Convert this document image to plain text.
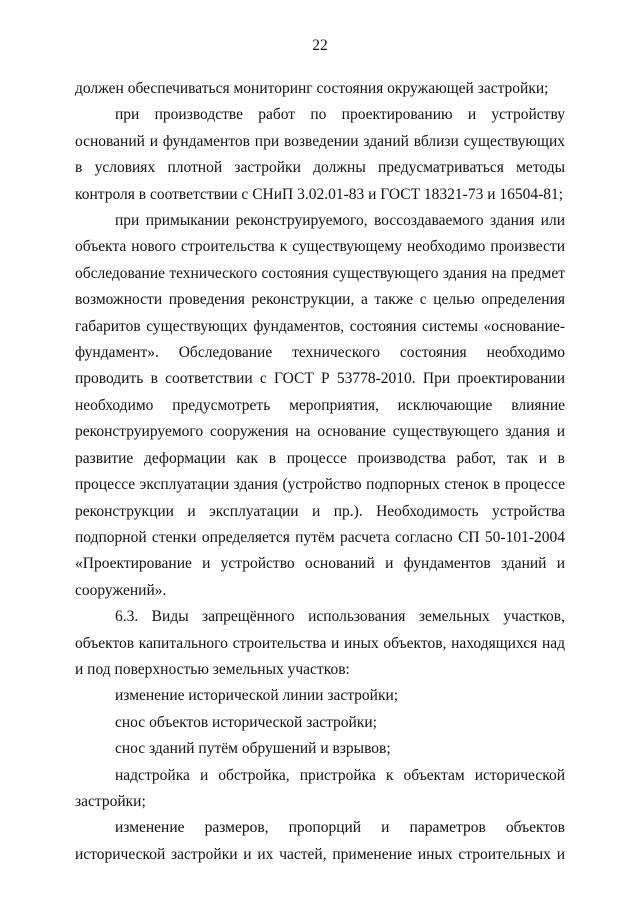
22

должен обеспечиваться мониторинг состояния окружающей застройки;

при производстве работ по проектированию и устройству оснований и фундаментов при возведении зданий вблизи существующих в условиях плотной застройки должны предусматриваться методы контроля в соответствии с СНиП 3.02.01-83 и ГОСТ 18321-73 и 16504-81;

при примыкании реконструируемого, воссоздаваемого здания или объекта нового строительства к существующему необходимо произвести обследование технического состояния существующего здания на предмет возможности проведения реконструкции, а также с целью определения габаритов существующих фундаментов, состояния системы «основание-фундамент». Обследование технического состояния необходимо проводить в соответствии с ГОСТ Р 53778-2010. При проектировании необходимо предусмотреть мероприятия, исключающие влияние реконструируемого сооружения на основание существующего здания и развитие деформации как в процессе производства работ, так и в процессе эксплуатации здания (устройство подпорных стенок в процессе реконструкции и эксплуатации и пр.). Необходимость устройства подпорной стенки определяется путём расчета согласно СП 50-101-2004 «Проектирование и устройство оснований и фундаментов зданий и сооружений».

6.3. Виды запрещённого использования земельных участков, объектов капитального строительства и иных объектов, находящихся над и под поверхностью земельных участков:

изменение исторической линии застройки;

снос объектов исторической застройки;

снос зданий путём обрушений и взрывов;

надстройка и обстройка, пристройка к объектам исторической застройки;

изменение размеров, пропорций и параметров объектов исторической застройки и их частей, применение иных строительных и
